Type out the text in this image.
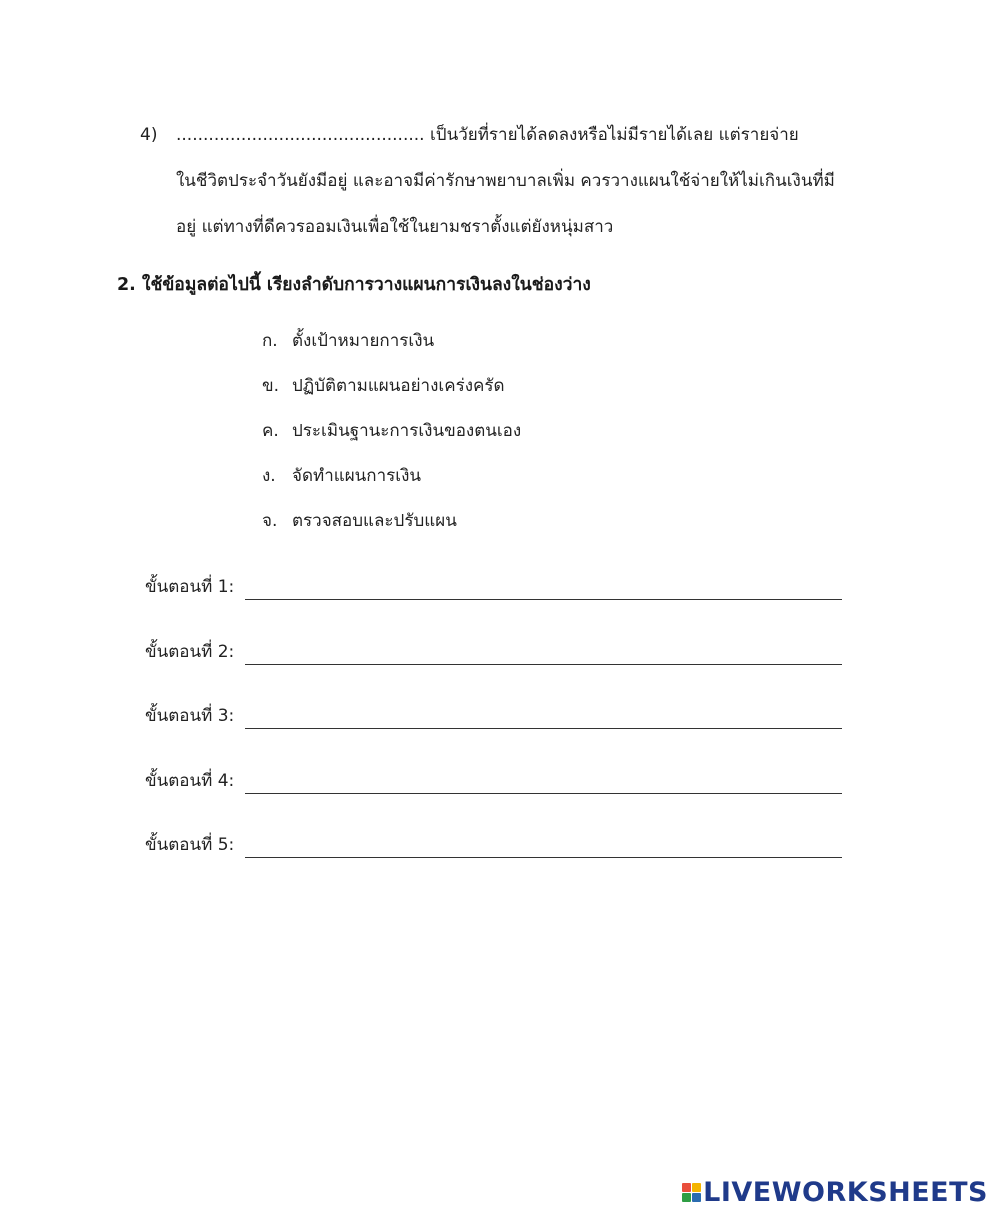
4) .............................................. เป็นวัยที่รายได้ลดลงหรือไม่มีรายได้เลย แต่รายจ่าย
ในชีวิตประจำวันยังมีอยู่ และอาจมีค่ารักษาพยาบาลเพิ่ม ควรวางแผนใช้จ่ายให้ไม่เกินเงินที่มี
อยู่ แต่ทางที่ดีควรออมเงินเพื่อใช้ในยามชราตั้งแต่ยังหนุ่มสาว
2. ใช้ข้อมูลต่อไปนี้ เรียงลำดับการวางแผนการเงินลงในช่องว่าง
ก. ตั้งเป้าหมายการเงิน
ข. ปฏิบัติตามแผนอย่างเคร่งครัด
ค. ประเมินฐานะการเงินของตนเอง
ง. จัดทำแผนการเงิน
จ. ตรวจสอบและปรับแผน
ขั้นตอนที่ 1:
ขั้นตอนที่ 2:
ขั้นตอนที่ 3:
ขั้นตอนที่ 4:
ขั้นตอนที่ 5:
LIVEWORKSHEETS
